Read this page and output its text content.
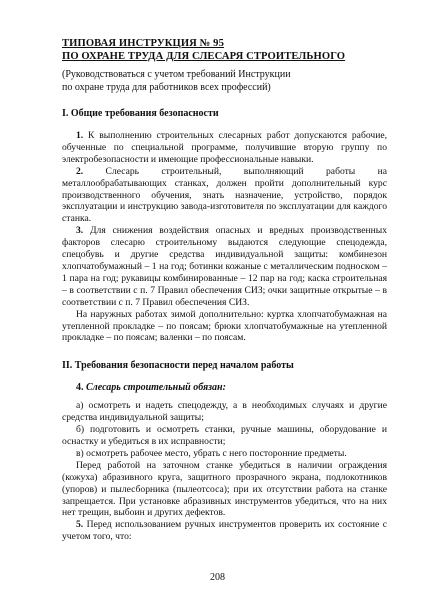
ТИПОВАЯ ИНСТРУКЦИЯ № 95
ПО ОХРАНЕ ТРУДА ДЛЯ СЛЕСАРЯ СТРОИТЕЛЬНОГО
(Руководствоваться с учетом требований Инструкции
по охране труда для работников всех профессий)
I. Общие требования безопасности

1. К выполнению строительных слесарных работ допускаются рабочие, обученные по специальной программе, получившие вторую группу по электробезопасности и имеющие профессиональные навыки.

2. Слесарь строительный, выполняющий работы на металлообрабатывающих станках, должен пройти дополнительный курс производственного обучения, знать назначение, устройство, порядок эксплуатации и инструкцию завода-изготовителя по эксплуатации для каждого станка.

3. Для снижения воздействия опасных и вредных производственных факторов слесарю строительному выдаются следующие спецодежда, спецобувь и другие средства индивидуальной защиты: комбинезон хлопчатобумажный – 1 на год; ботинки кожаные с металлическим подноском – 1 пара на год; рукавицы комбинированные – 12 пар на год; каска строительная – в соответствии с п. 7 Правил обеспечения СИЗ; очки защитные открытые – в соответствии с п. 7 Правил обеспечения СИЗ.

На наружных работах зимой дополнительно: куртка хлопчатобумажная на утепленной прокладке – по поясам; брюки хлопчатобумажные на утепленной прокладке – по поясам; валенки – по поясам.

II. Требования безопасности перед началом работы
4. Слесарь строительный обязан:

а) осмотреть и надеть спецодежду, а в необходимых случаях и другие средства индивидуальной защиты;

б) подготовить и осмотреть станки, ручные машины, оборудование и оснастку и убедиться в их исправности;

в) осмотреть рабочее место, убрать с него посторонние предметы.

Перед работой на заточном станке убедиться в наличии ограждения (кожуха) абразивного круга, защитного прозрачного экрана, подлокотников (упоров) и пылесборника (пылеотсоса); при их отсутствии работа на станке запрещается. При установке абразивных инструментов убедиться, что на них нет трещин, выбоин и других дефектов.

5. Перед использованием ручных инструментов проверить их состояние с учетом того, что:

208
